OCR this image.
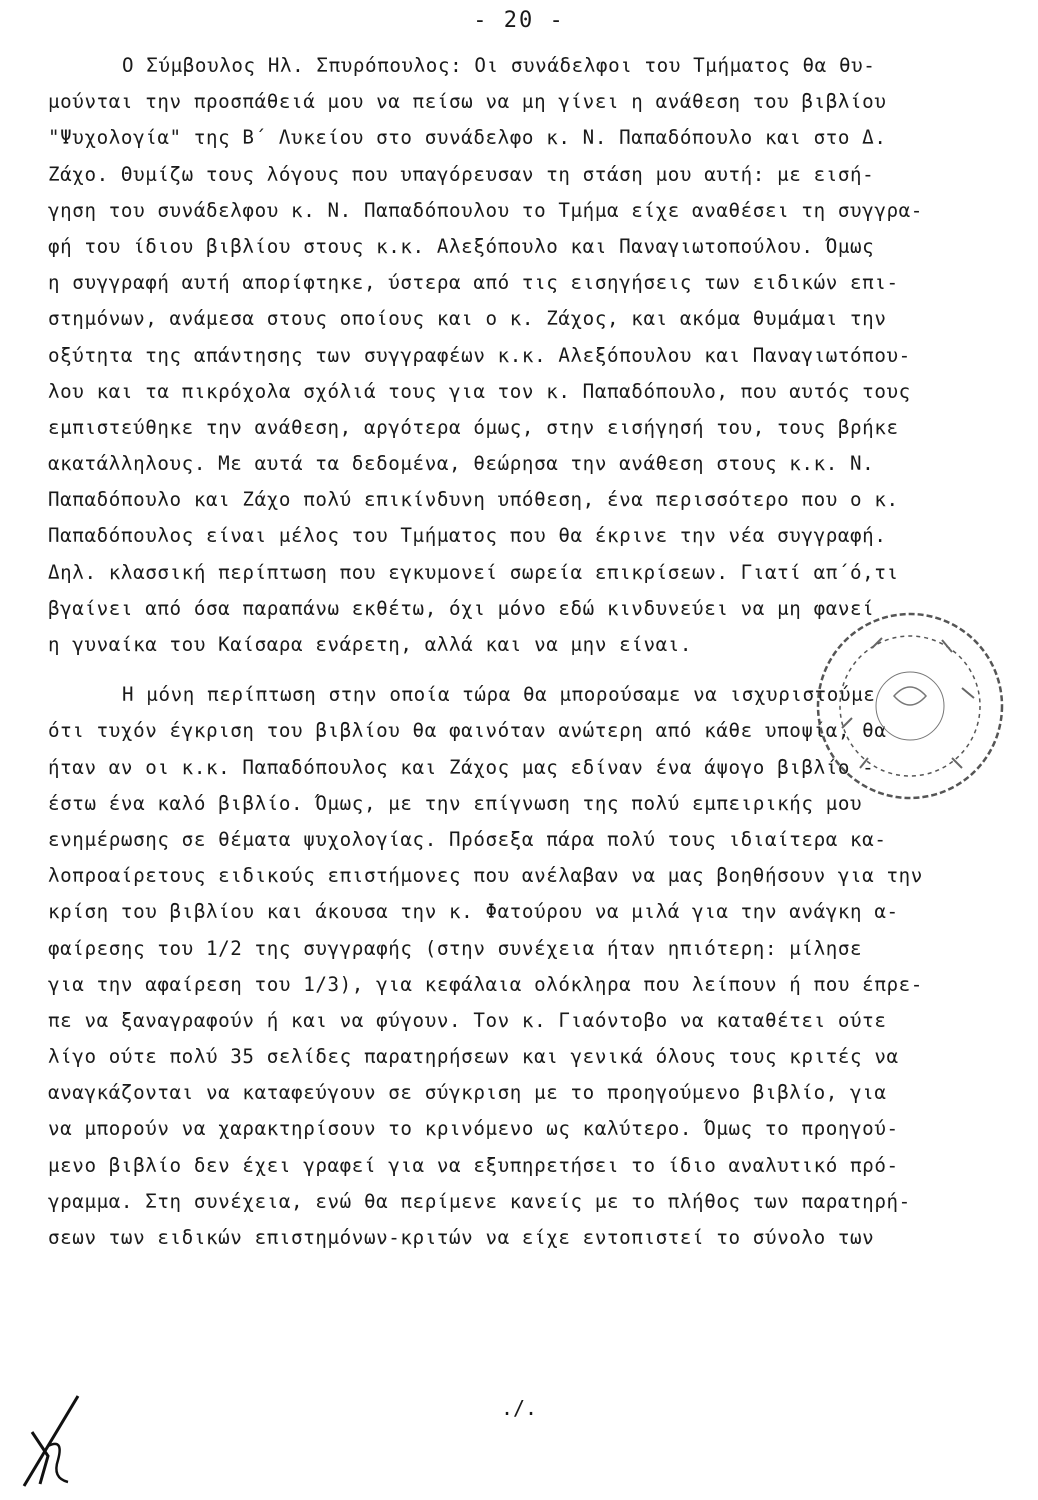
- 20 -
Ο Σύμβουλος Ηλ. Σπυρόπουλος: Οι συνάδελφοι του Τμήματος θα θυ-
μούνται την προσπάθειά μου να πείσω να μη γίνει η ανάθεση του βιβλίου
"Ψυχολογία" της Β΄ Λυκείου στο συνάδελφο κ. Ν. Παπαδόπουλο και στο Δ.
Ζάχο. Θυμίζω τους λόγους που υπαγόρευσαν τη στάση μου αυτή: με εισή-
γηση του συνάδελφου κ. Ν. Παπαδόπουλου το Τμήμα είχε αναθέσει τη συγγρα-
φή του ίδιου βιβλίου στους κ.κ. Αλεξόπουλο και Παναγιωτοπούλου. Όμως
η συγγραφή αυτή απορίφτηκε, ύστερα από τις εισηγήσεις των ειδικών επι-
στημόνων, ανάμεσα στους οποίους και ο κ. Ζάχος, και ακόμα θυμάμαι την
οξύτητα της απάντησης των συγγραφέων κ.κ. Αλεξόπουλου και Παναγιωτόπου-
λου και τα πικρόχολα σχόλιά τους για τον κ. Παπαδόπουλο, που αυτός τους
εμπιστεύθηκε την ανάθεση, αργότερα όμως, στην εισήγησή του, τους βρήκε
ακατάλληλους. Με αυτά τα δεδομένα, θεώρησα την ανάθεση στους κ.κ. Ν.
Παπαδόπουλο και Ζάχο πολύ επικίνδυνη υπόθεση, ένα περισσότερο που ο κ.
Παπαδόπουλος είναι μέλος του Τμήματος που θα έκρινε την νέα συγγραφή.
Δηλ. κλασσική περίπτωση που εγκυμονεί σωρεία επικρίσεων. Γιατί απ΄ό,τι
βγαίνει από όσα παραπάνω εκθέτω, όχι μόνο εδώ κινδυνεύει να μη φανεί
η γυναίκα του Καίσαρα ενάρετη, αλλά και να μην είναι.
Η μόνη περίπτωση στην οποία τώρα θα μπορούσαμε να ισχυριστούμε
ότι τυχόν έγκριση του βιβλίου θα φαινόταν ανώτερη από κάθε υποψία, θα
ήταν αν οι κ.κ. Παπαδόπουλος και Ζάχος μας εδίναν ένα άψογο βιβλίο -
έστω ένα καλό βιβλίο. Όμως, με την επίγνωση της πολύ εμπειρικής μου
ενημέρωσης σε θέματα ψυχολογίας. Πρόσεξα πάρα πολύ τους ιδιαίτερα κα-
λοπροαίρετους ειδικούς επιστήμονες που ανέλαβαν να μας βοηθήσουν για την
κρίση του βιβλίου και άκουσα την κ. Φατούρου να μιλά για την ανάγκη α-
φαίρεσης του 1/2 της συγγραφής (στην συνέχεια ήταν ηπιότερη: μίλησε
για την αφαίρεση του 1/3), για κεφάλαια ολόκληρα που λείπουν ή που έπρε-
πε να ξαναγραφούν ή και να φύγουν. Τον κ. Γιαόντοβο να καταθέτει ούτε
λίγο ούτε πολύ 35 σελίδες παρατηρήσεων και γενικά όλους τους κριτές να
αναγκάζονται να καταφεύγουν σε σύγκριση με το προηγούμενο βιβλίο, για
να μπορούν να χαρακτηρίσουν το κρινόμενο ως καλύτερο. Όμως το προηγού-
μενο βιβλίο δεν έχει γραφεί για να εξυπηρετήσει το ίδιο αναλυτικό πρό-
γραμμα. Στη συνέχεια, ενώ θα περίμενε κανείς με το πλήθος των παρατηρή-
σεων των ειδικών επιστημόνων-κριτών να είχε εντοπιστεί το σύνολο των
./.
